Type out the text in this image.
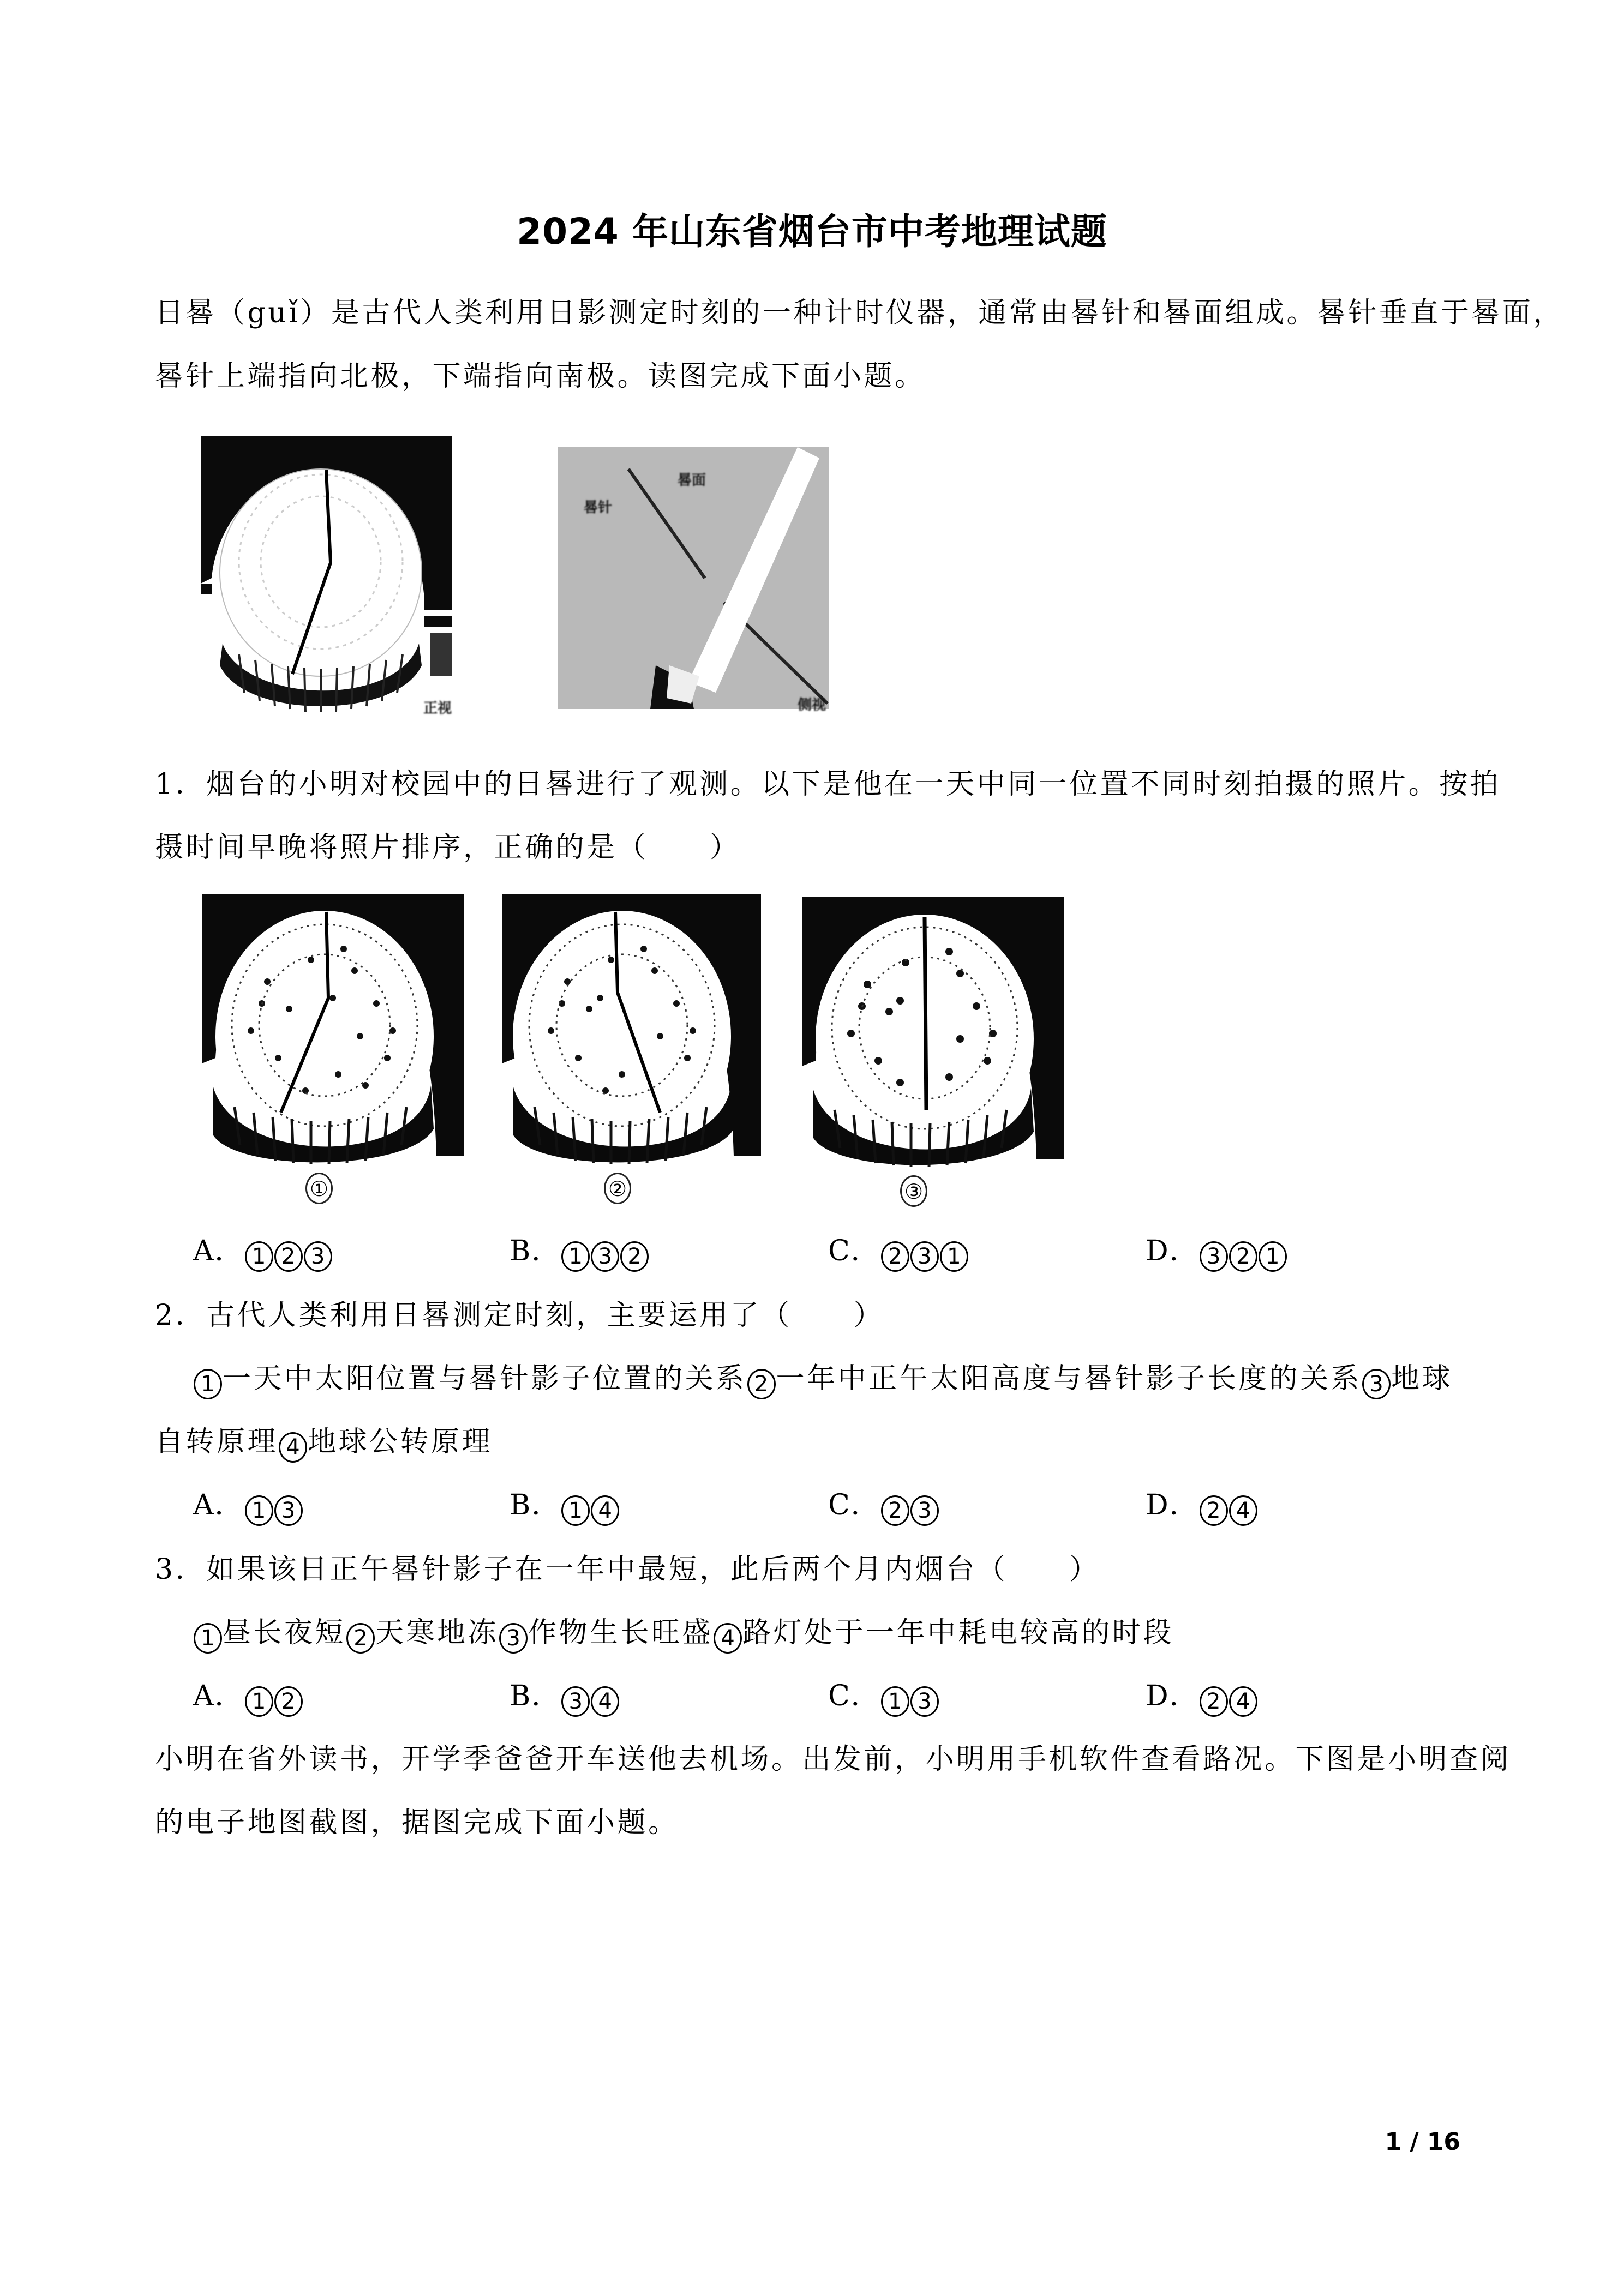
2024 年山东省烟台市中考地理试题
日晷（guǐ）是古代人类利用日影测定时刻的一种计时仪器，通常由晷针和晷面组成。晷针垂直于晷面，
晷针上端指向北极，下端指向南极。读图完成下面小题。
正视
晷面
晷针
侧视
1．烟台的小明对校园中的日晷进行了观测。以下是他在一天中同一位置不同时刻拍摄的照片。按拍
摄时间早晚将照片排序，正确的是（　　）
①	②	③
A． 1 2 3	B． 1 3 2	C． 2 3 1	D． 3 2 1
2．古代人类利用日晷测定时刻，主要运用了（　　）
1 一天中太阳位置与晷针影子位置的关系 2 一年中正午太阳高度与晷针影子长度的关系 3 地球
自转原理 4 地球公转原理
A． 1 3	B． 1 4	C． 2 3	D． 2 4
3．如果该日正午晷针影子在一年中最短，此后两个月内烟台（　　）
1 昼长夜短 2 天寒地冻 3 作物生长旺盛 4 路灯处于一年中耗电较高的时段
A． 1 2	B． 3 4	C． 1 3	D． 2 4
小明在省外读书，开学季爸爸开车送他去机场。出发前，小明用手机软件查看路况。下图是小明查阅
的电子地图截图，据图完成下面小题。
1 / 16
